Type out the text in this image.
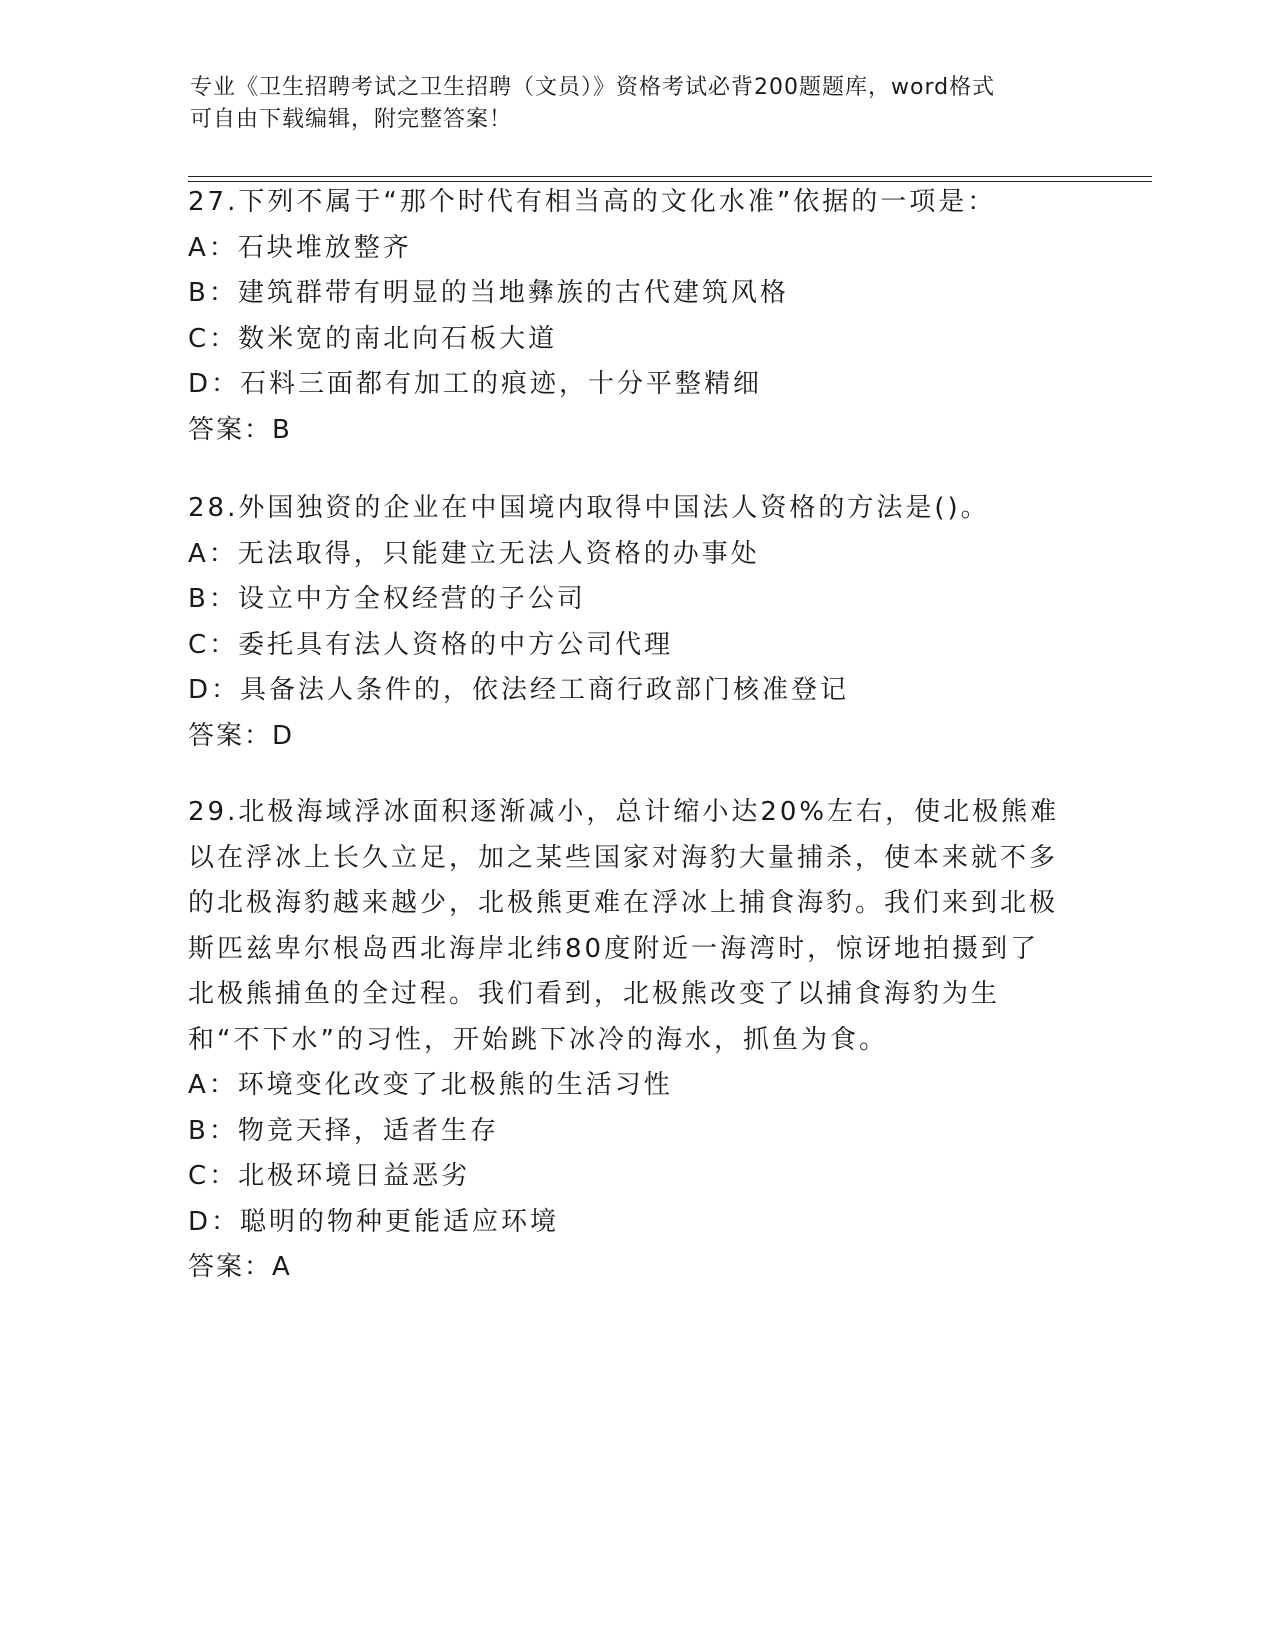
专业《卫生招聘考试之卫生招聘（文员）》资格考试必背200题题库，word格式
可自由下载编辑，附完整答案！
27.下列不属于“那个时代有相当高的文化水准”依据的一项是：
A：石块堆放整齐
B：建筑群带有明显的当地彝族的古代建筑风格
C：数米宽的南北向石板大道
D：石料三面都有加工的痕迹，十分平整精细
答案：B
28.外国独资的企业在中国境内取得中国法人资格的方法是()。
A：无法取得，只能建立无法人资格的办事处
B：设立中方全权经营的子公司
C：委托具有法人资格的中方公司代理
D：具备法人条件的，依法经工商行政部门核准登记
答案：D
29.北极海域浮冰面积逐渐减小，总计缩小达20%左右，使北极熊难以在浮冰上长久立足，加之某些国家对海豹大量捕杀，使本来就不多的北极海豹越来越少，北极熊更难在浮冰上捕食海豹。我们来到北极斯匹兹卑尔根岛西北海岸北纬80度附近一海湾时，惊讶地拍摄到了北极熊捕鱼的全过程。我们看到，北极熊改变了以捕食海豹为生和“不下水”的习性，开始跳下冰冷的海水，抓鱼为食。
A：环境变化改变了北极熊的生活习性
B：物竞天择，适者生存
C：北极环境日益恶劣
D：聪明的物种更能适应环境
答案：A
